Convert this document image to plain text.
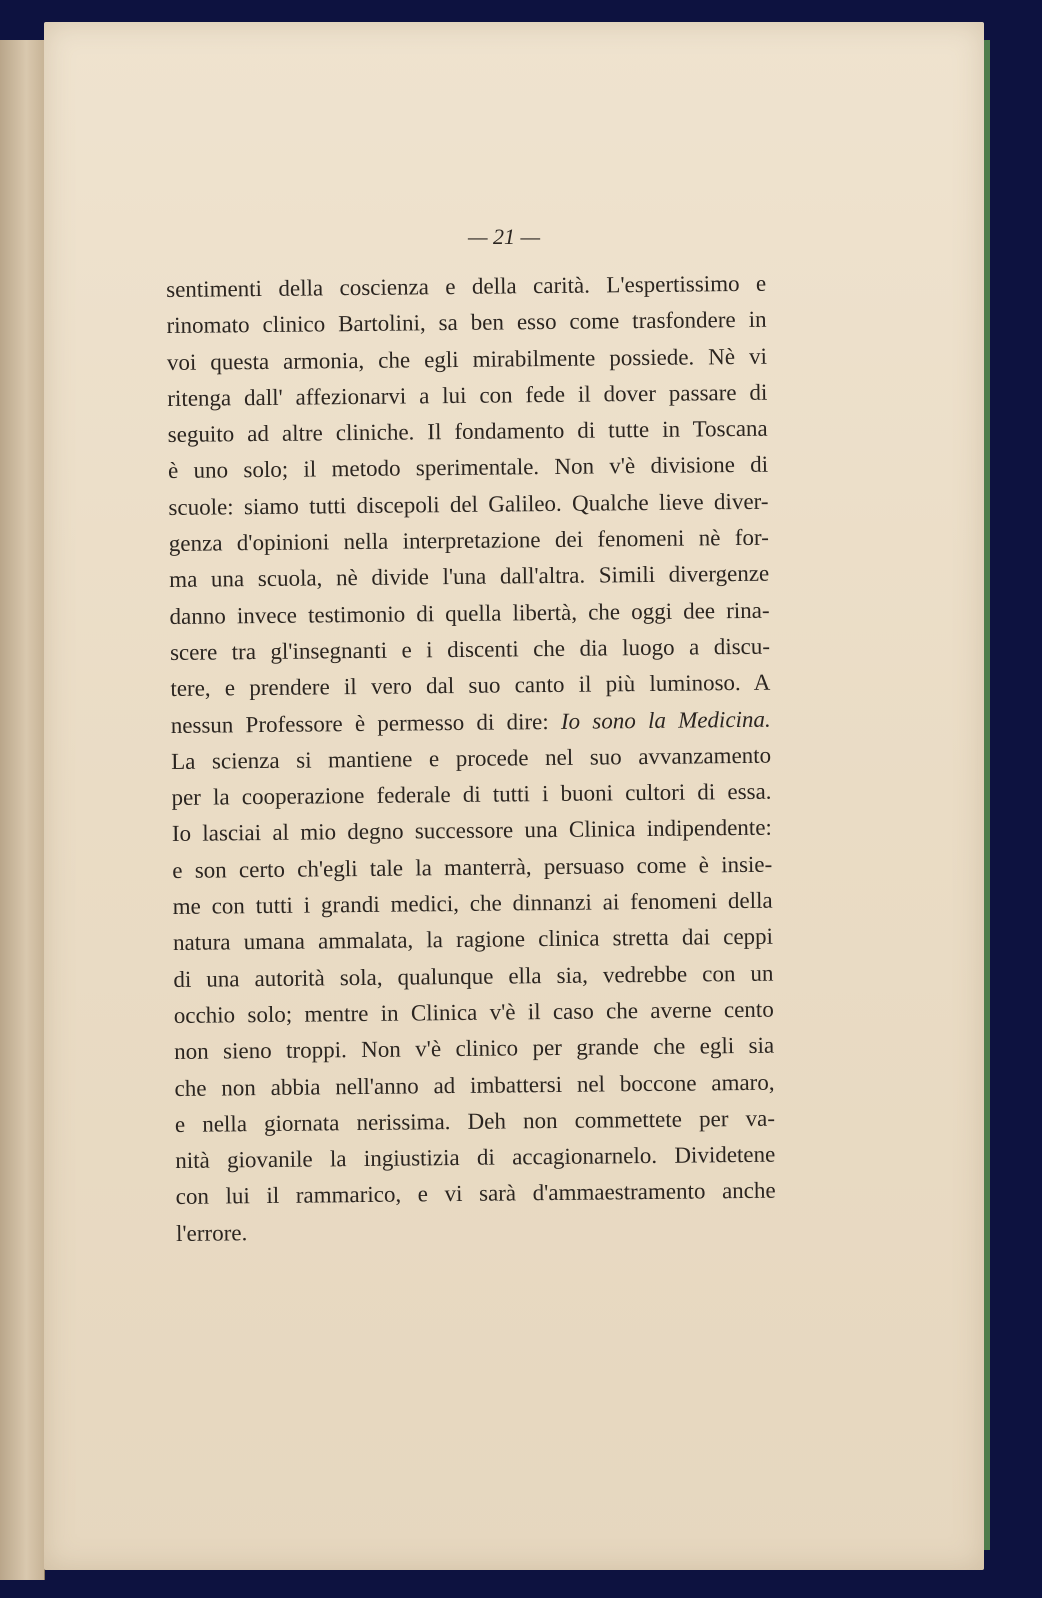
— 21 —
sentimenti della coscienza e della carità. L'espertissimo e
rinomato clinico Bartolini, sa ben esso come trasfondere in
voi questa armonia, che egli mirabilmente possiede. Nè vi
ritenga dall' affezionarvi a lui con fede il dover passare di
seguito ad altre cliniche. Il fondamento di tutte in Toscana
è uno solo; il metodo sperimentale. Non v'è divisione di
scuole: siamo tutti discepoli del Galileo. Qualche lieve diver-
genza d'opinioni nella interpretazione dei fenomeni nè for-
ma una scuola, nè divide l'una dall'altra. Simili divergenze
danno invece testimonio di quella libertà, che oggi dee rina-
scere tra gl'insegnanti e i discenti che dia luogo a discu-
tere, e prendere il vero dal suo canto il più luminoso. A
nessun Professore è permesso di dire: Io sono la Medicina.
La scienza si mantiene e procede nel suo avvanzamento
per la cooperazione federale di tutti i buoni cultori di essa.
Io lasciai al mio degno successore una Clinica indipendente:
e son certo ch'egli tale la manterrà, persuaso come è insie-
me con tutti i grandi medici, che dinnanzi ai fenomeni della
natura umana ammalata, la ragione clinica stretta dai ceppi
di una autorità sola, qualunque ella sia, vedrebbe con un
occhio solo; mentre in Clinica v'è il caso che averne cento
non sieno troppi. Non v'è clinico per grande che egli sia
che non abbia nell'anno ad imbattersi nel boccone amaro,
e nella giornata nerissima. Deh non commettete per va-
nità giovanile la ingiustizia di accagionarnelo. Dividetene
con lui il rammarico, e vi sarà d'ammaestramento anche
l'errore.
